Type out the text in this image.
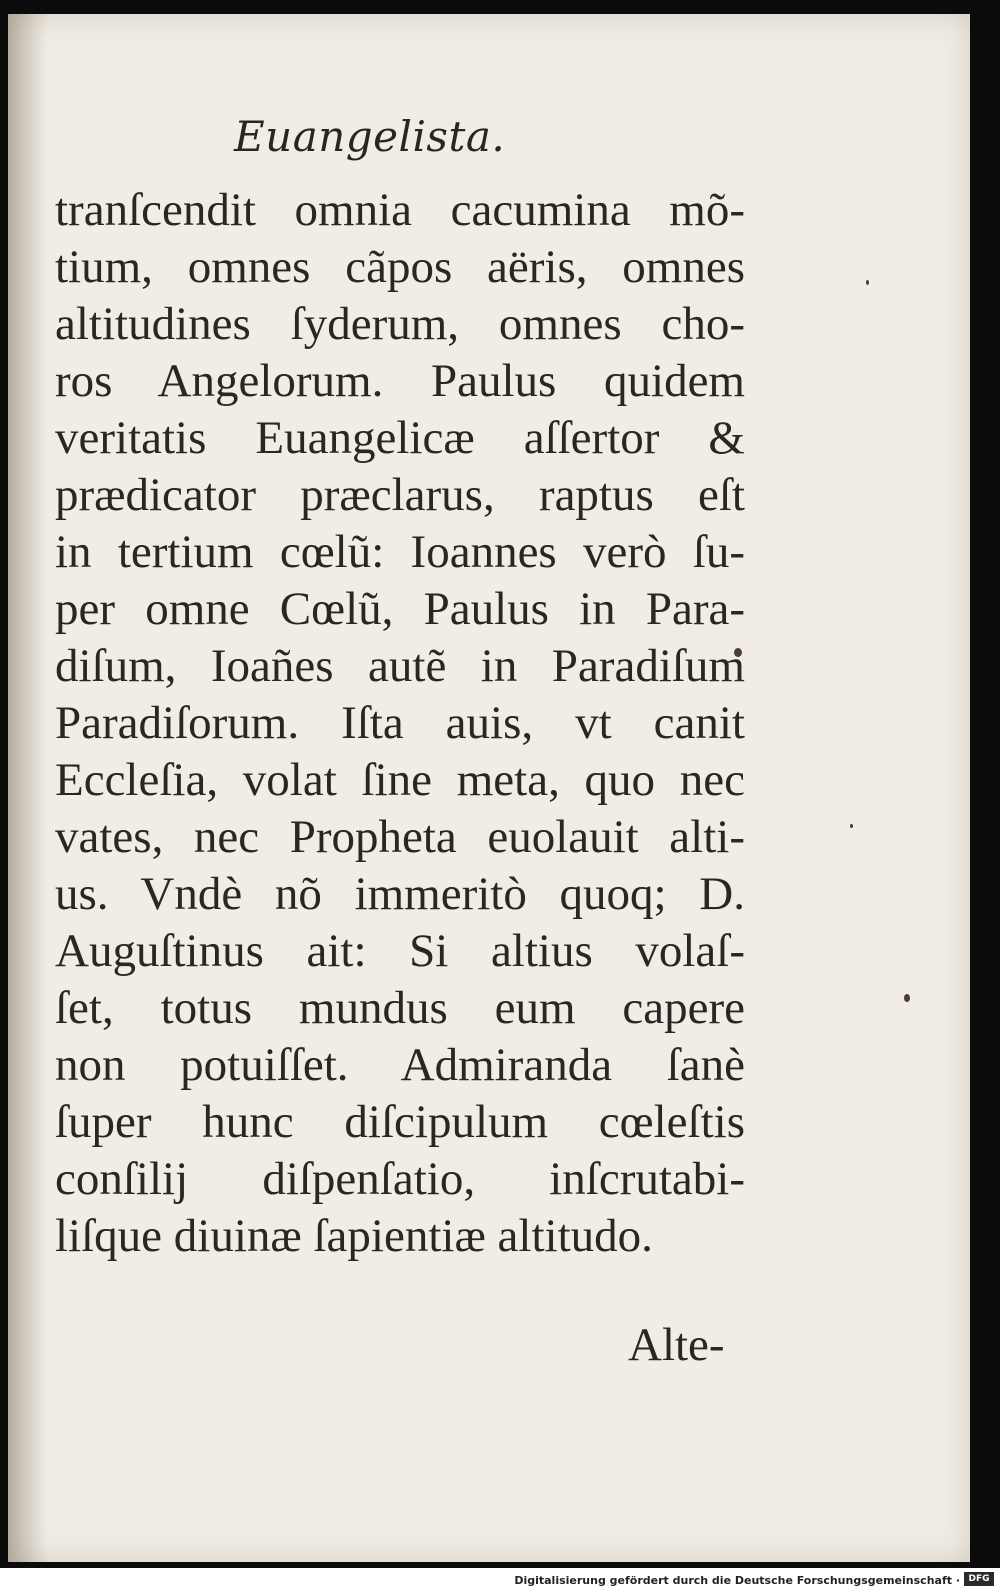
Euangelista.
tranſcendit omnia cacumina mõ-
tium, omnes cãpos aëris, omnes
altitudines ſyderum, omnes cho-
ros Angelorum. Paulus quidem
veritatis Euangelicæ aſſertor &
prædicator præclarus, raptus eſt
in tertium cœlũ: Ioannes verò ſu-
per omne Cœlũ, Paulus in Para-
diſum, Ioañes autẽ in Paradiſum
Paradiſorum. Iſta auis, vt canit
Eccleſia, volat ſine meta, quo nec
vates, nec Propheta euolauit alti-
us. Vndè nõ immeritò quoq; D.
Auguſtinus ait: Si altius volaſ-
ſet, totus mundus eum capere
non potuiſſet. Admiranda ſanè
ſuper hunc diſcipulum cœleſtis
conſilij diſpenſatio, inſcrutabi-
liſque diuinæ ſapientiæ altitudo.
Alte-
Digitalisierung gefördert durch die Deutsche Forschungsgemeinschaft · DFG
